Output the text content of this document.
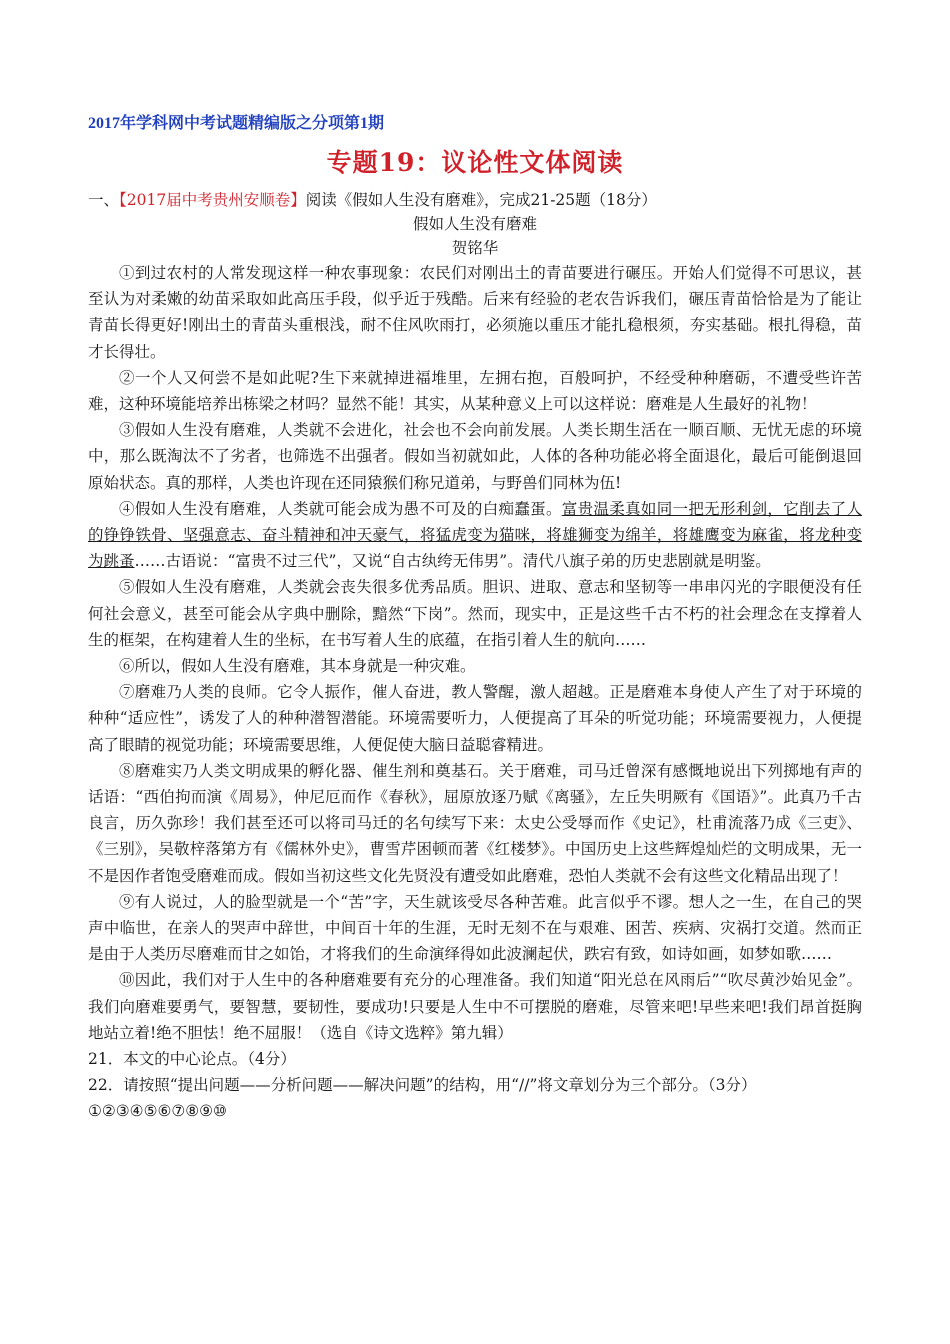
2017年学科网中考试题精编版之分项第1期
专题19：议论性文体阅读
一、【2017届中考贵州安顺卷】阅读《假如人生没有磨难》，完成21-25题（18分）
假如人生没有磨难
贺铭华

①到过农村的人常发现这样一种农事现象：农民们对刚出土的青苗要进行碾压。开始人们觉得不可思议，甚至认为对柔嫩的幼苗采取如此高压手段，似乎近于残酷。后来有经验的老农告诉我们，碾压青苗恰恰是为了能让青苗长得更好!刚出土的青苗头重根浅，耐不住风吹雨打，必须施以重压才能扎稳根须，夯实基础。根扎得稳，苗才长得壮。

②一个人又何尝不是如此呢?生下来就掉进福堆里，左拥右抱，百般呵护，不经受种种磨砺，不遭受些许苦难，这种环境能培养出栋梁之材吗？显然不能！其实，从某种意义上可以这样说：磨难是人生最好的礼物！

③假如人生没有磨难，人类就不会进化，社会也不会向前发展。人类长期生活在一顺百顺、无忧无虑的环境中，那么既淘汰不了劣者，也筛选不出强者。假如当初就如此，人体的各种功能必将全面退化，最后可能倒退回原始状态。真的那样，人类也许现在还同猿猴们称兄道弟，与野兽们同林为伍!

④假如人生没有磨难，人类就可能会成为愚不可及的白痴蠢蛋。富贵温柔真如同一把无形利剑，它削去了人的铮铮铁骨、坚强意志、奋斗精神和冲天豪气，将猛虎变为猫咪，将雄狮变为绵羊，将雄鹰变为麻雀，将龙种变为跳蚤……古语说：“富贵不过三代”，又说“自古纨绔无伟男”。清代八旗子弟的历史悲剧就是明鉴。

⑤假如人生没有磨难，人类就会丧失很多优秀品质。胆识、进取、意志和坚韧等一串串闪光的字眼便没有任何社会意义，甚至可能会从字典中删除，黯然“下岗”。然而，现实中，正是这些千古不朽的社会理念在支撑着人生的框架，在构建着人生的坐标，在书写着人生的底蕴，在指引着人生的航向……

⑥所以，假如人生没有磨难，其本身就是一种灾难。

⑦磨难乃人类的良师。它令人振作，催人奋进，教人警醒，激人超越。正是磨难本身使人产生了对于环境的种种“适应性”，诱发了人的种种潜智潜能。环境需要听力，人便提高了耳朵的听觉功能；环境需要视力，人便提高了眼睛的视觉功能；环境需要思维，人便促使大脑日益聪睿精进。

⑧磨难实乃人类文明成果的孵化器、催生剂和奠基石。关于磨难，司马迁曾深有感慨地说出下列掷地有声的话语：“西伯拘而演《周易》，仲尼厄而作《春秋》，屈原放逐乃赋《离骚》，左丘失明厥有《国语》”。此真乃千古良言，历久弥珍！我们甚至还可以将司马迁的名句续写下来：太史公受辱而作《史记》，杜甫流落乃成《三吏》、《三别》，吴敬梓落第方有《儒林外史》，曹雪芹困顿而著《红楼梦》。中国历史上这些辉煌灿烂的文明成果，无一不是因作者饱受磨难而成。假如当初这些文化先贤没有遭受如此磨难，恐怕人类就不会有这些文化精品出现了！

⑨有人说过，人的脸型就是一个“苦”字，天生就该受尽各种苦难。此言似乎不谬。想人之一生，在自己的哭声中临世，在亲人的哭声中辞世，中间百十年的生涯，无时无刻不在与艰难、困苦、疾病、灾祸打交道。然而正是由于人类历尽磨难而甘之如饴，才将我们的生命演绎得如此波澜起伏，跌宕有致，如诗如画，如梦如歌……

⑩因此，我们对于人生中的各种磨难要有充分的心理准备。我们知道“阳光总在风雨后”“吹尽黄沙始见金”。我们向磨难要勇气，要智慧，要韧性，要成功!只要是人生中不可摆脱的磨难，尽管来吧!早些来吧!我们昂首挺胸地站立着!绝不胆怯！绝不屈服！（选自《诗文选粹》第九辑）

21．本文的中心论点。（4分）
22．请按照“提出问题——分析问题——解决问题”的结构，用“//”将文章划分为三个部分。（3分）
①②③④⑤⑥⑦⑧⑨⑩
